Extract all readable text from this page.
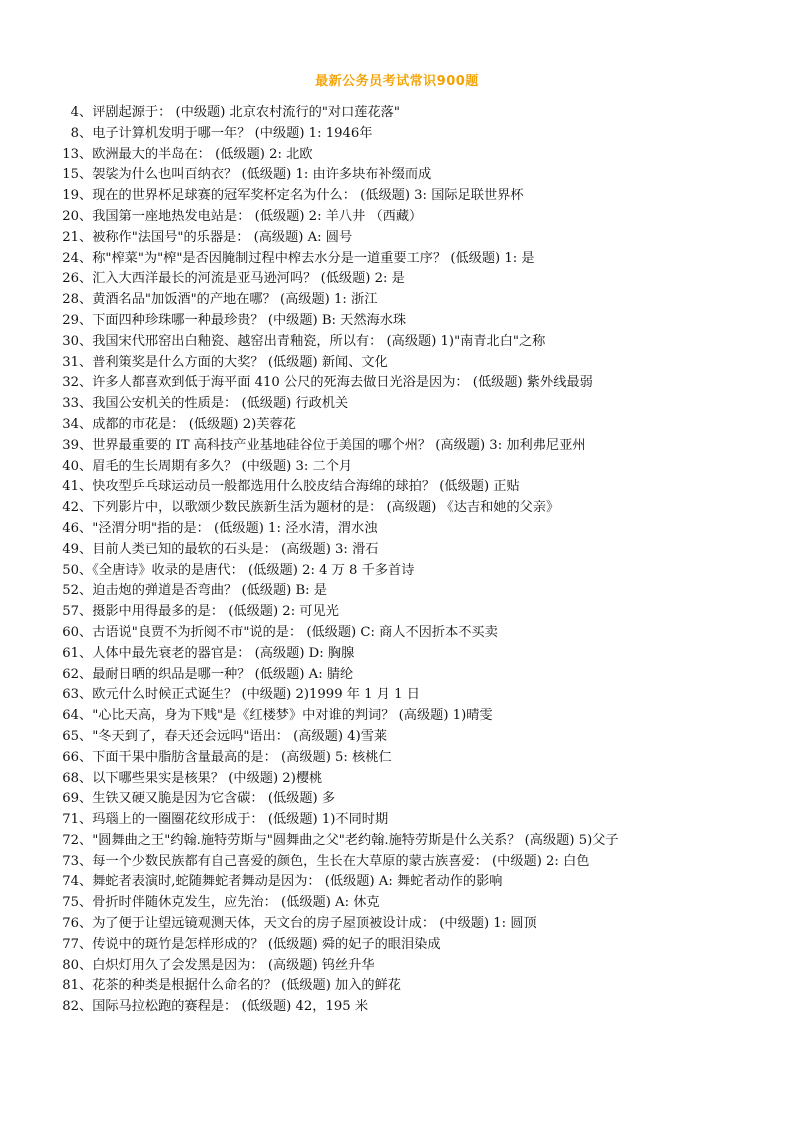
最新公务员考试常识900题
4、评剧起源于： (中级题) 北京农村流行的"对口莲花落"
8、电子计算机发明于哪一年？ (中级题) 1: 1946年
13、欧洲最大的半岛在： (低级题) 2: 北欧
15、袈裟为什么也叫百纳衣？ (低级题) 1: 由许多块布补缀而成
19、现在的世界杯足球赛的冠军奖杯定名为什么： (低级题) 3: 国际足联世界杯
20、我国第一座地热发电站是： (低级题) 2: 羊八井 （西藏）
21、被称作"法国号"的乐器是： (高级题) A: 圆号
24、称"榨菜"为"榨"是否因腌制过程中榨去水分是一道重要工序？ (低级题) 1: 是
26、汇入大西洋最长的河流是亚马逊河吗？ (低级题) 2: 是
28、黄酒名品"加饭酒"的产地在哪？ (高级题) 1: 浙江
29、下面四种珍珠哪一种最珍贵？ (中级题) B: 天然海水珠
30、我国宋代邢窑出白釉瓷、越窑出青釉瓷，所以有： (高级题) 1)"南青北白"之称
31、普利策奖是什么方面的大奖？ (低级题) 新闻、文化
32、许多人都喜欢到低于海平面 410 公尺的死海去做日光浴是因为： (低级题) 紫外线最弱
33、我国公安机关的性质是： (低级题) 行政机关
34、成都的市花是： (低级题) 2)芙蓉花
39、世界最重要的 IT 高科技产业基地硅谷位于美国的哪个州？ (高级题) 3: 加利弗尼亚州
40、眉毛的生长周期有多久？ (中级题) 3: 二个月
41、快攻型乒乓球运动员一般都选用什么胶皮结合海绵的球拍？ (低级题) 正贴
42、下列影片中，以歌颂少数民族新生活为题材的是： (高级题) 《达吉和她的父亲》
46、"泾渭分明"指的是： (低级题) 1: 泾水清，渭水浊
49、目前人类已知的最软的石头是： (高级题) 3: 滑石
50、《全唐诗》收录的是唐代： (低级题) 2: 4 万 8 千多首诗
52、迫击炮的弹道是否弯曲？ (低级题) B: 是
57、摄影中用得最多的是： (低级题) 2: 可见光
60、古语说"良贾不为折阅不市"说的是： (低级题) C: 商人不因折本不买卖
61、人体中最先衰老的器官是： (高级题) D: 胸腺
62、最耐日晒的织品是哪一种？ (低级题) A: 腈纶
63、欧元什么时候正式诞生？ (中级题) 2)1999 年 1 月 1 日
64、"心比天高，身为下贱"是《红楼梦》中对谁的判词？ (高级题) 1)晴雯
65、"冬天到了，春天还会远吗"语出： (高级题) 4)雪莱
66、下面干果中脂肪含量最高的是： (高级题) 5: 核桃仁
68、以下哪些果实是核果？ (中级题) 2)樱桃
69、生铁又硬又脆是因为它含碳： (低级题) 多
71、玛瑙上的一圈圈花纹形成于： (低级题) 1)不同时期
72、"圆舞曲之王"约翰.施特劳斯与"圆舞曲之父"老约翰.施特劳斯是什么关系？ (高级题) 5)父子
73、每一个少数民族都有自己喜爱的颜色，生长在大草原的蒙古族喜爱： (中级题) 2: 白色
74、舞蛇者表演时,蛇随舞蛇者舞动是因为： (低级题) A: 舞蛇者动作的影响
75、骨折时伴随休克发生，应先治： (低级题) A: 休克
76、为了便于让望远镜观测天体，天文台的房子屋顶被设计成： (中级题) 1: 圆顶
77、传说中的斑竹是怎样形成的？ (低级题) 舜的妃子的眼泪染成
80、白炽灯用久了会发黑是因为： (高级题) 钨丝升华
81、花茶的种类是根据什么命名的？ (低级题) 加入的鲜花
82、国际马拉松跑的赛程是： (低级题) 42，195 米
